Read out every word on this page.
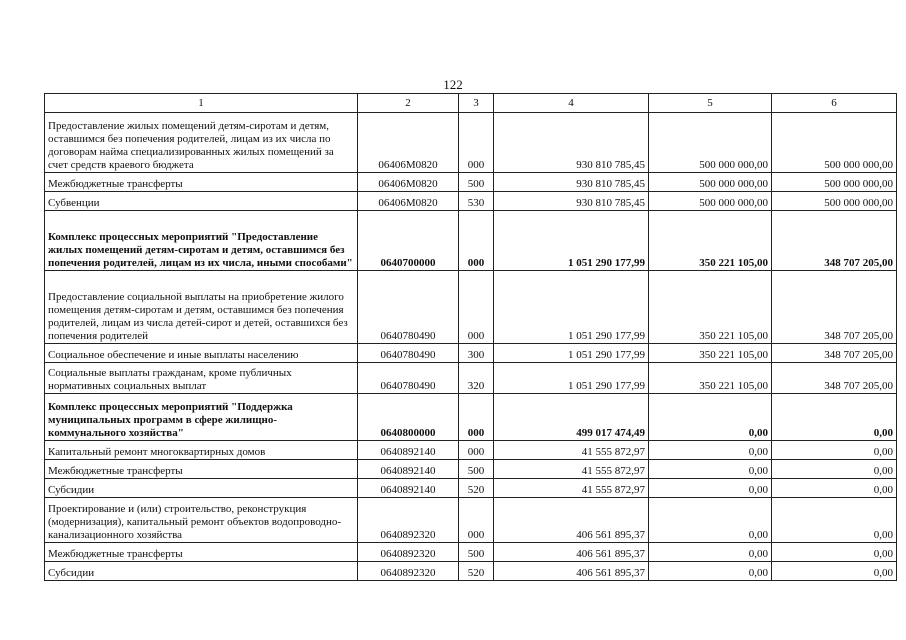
122
1	2	3	4	5	6
Предоставление жилых помещений детям-сиротам и детям, оставшимся без попечения родителей, лицам из их числа по договорам найма специализированных жилых помещений за счет средств краевого бюджета	06406М0820	000	930 810 785,45	500 000 000,00	500 000 000,00
Межбюджетные трансферты	06406М0820	500	930 810 785,45	500 000 000,00	500 000 000,00
Субвенции	06406М0820	530	930 810 785,45	500 000 000,00	500 000 000,00
Комплекс процессных мероприятий "Предоставление жилых помещений детям-сиротам и детям, оставшимся без попечения родителей, лицам из их числа, иными способами"	0640700000	000	1 051 290 177,99	350 221 105,00	348 707 205,00
Предоставление социальной выплаты на приобретение жилого помещения детям-сиротам и детям, оставшимся без попечения родителей, лицам из числа детей-сирот и детей, оставшихся без попечения родителей	0640780490	000	1 051 290 177,99	350 221 105,00	348 707 205,00
Социальное обеспечение и иные выплаты населению	0640780490	300	1 051 290 177,99	350 221 105,00	348 707 205,00
Социальные выплаты гражданам, кроме публичных нормативных социальных выплат	0640780490	320	1 051 290 177,99	350 221 105,00	348 707 205,00
Комплекс процессных мероприятий "Поддержка муниципальных программ в сфере жилищно-коммунального хозяйства"	0640800000	000	499 017 474,49	0,00	0,00
Капитальный ремонт многоквартирных домов	0640892140	000	41 555 872,97	0,00	0,00
Межбюджетные трансферты	0640892140	500	41 555 872,97	0,00	0,00
Субсидии	0640892140	520	41 555 872,97	0,00	0,00
Проектирование и (или) строительство, реконструкция (модернизация), капитальный ремонт объектов водопроводно-канализационного хозяйства	0640892320	000	406 561 895,37	0,00	0,00
Межбюджетные трансферты	0640892320	500	406 561 895,37	0,00	0,00
Субсидии	0640892320	520	406 561 895,37	0,00	0,00
